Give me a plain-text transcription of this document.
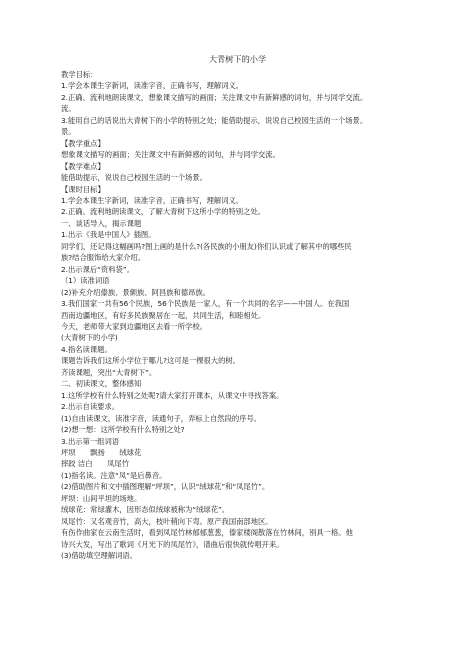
大青树下的小学
教学目标：
1.学会本课生字新词，读准字音，正确书写，理解词义。
2.正确、流利地朗读课文，想象课文描写的画面；关注课文中有新鲜感的词句，并与同学交流。
流。
3.能用自己的话说出大青树下的小学的特别之处；能借助提示，说说自己校园生活的一个场景。
景。
【教学重点】
想象课文描写的画面；关注课文中有新鲜感的词句，并与同学交流。
【教学难点】
能借助提示，说说自己校园生活的一个场景。
【课时目标】
1.学会本课生字新词，读准字音，正确书写，理解词义。
2.正确、流利地朗读课文，了解大青树下这所小学的特别之处。
一、谈话导入，揭示课题
1.出示《我是中国人》插图。
同学们，还记得这幅画吗?图上画的是什么?(各民族的小朋友)你们认识或了解其中的哪些民
族?结合服饰给大家介绍。
2.出示课后“资料袋”。
（1）读准词语
(2)补充介绍傣族、景颇族、阿昌族和德昂族。
3.我们国家一共有56个民族，56个民族是一家人，有一个共同的名字——中国人。在我国
西南边疆地区，有好多民族聚居在一起，共同生活，和睦相处。
今天，老师带大家到边疆地区去看一所学校。
(大青树下的小学)
4.指名读课题。
课题告诉我们这所小学位于哪儿?这可是一棵很大的树。
齐读课题，突出“大青树下”。
二、初读课文，整体感知
1.这所学校有什么特别之处呢?请大家打开课本，从课文中寻找答案。
2.出示自读要求。
(1)自由读课文，读准字音，读通句子，弄标上自然段的序号。
(2)想一想：这所学校有什么特别之处?
3.出示第一组词语
坪坝　　飘扬　　绒球花
摔跤 洁白　　凤尾竹
(1)指名读。注意“凤”是后鼻音。
(2)借助图片和文中插图理解“坪坝”，认识“绒球花”和“凤尾竹”。
坪坝：山间平坦的场地。
绒球花：常绿灌木，因形态似绒球被称为“绒球花”。
凤尾竹：又名观音竹，高大，枝叶稍向下弯。原产我国南部地区。
有伤作曲家在云南生活时，看到凤尾竹林郁郁葱葱，傣家楼阁散落在竹林间，别具一格。他
诗兴大发，写出了歌词《月光下的凤尾竹》，谱曲后很快就传唱开来。
(3)借助填空理解词语。
